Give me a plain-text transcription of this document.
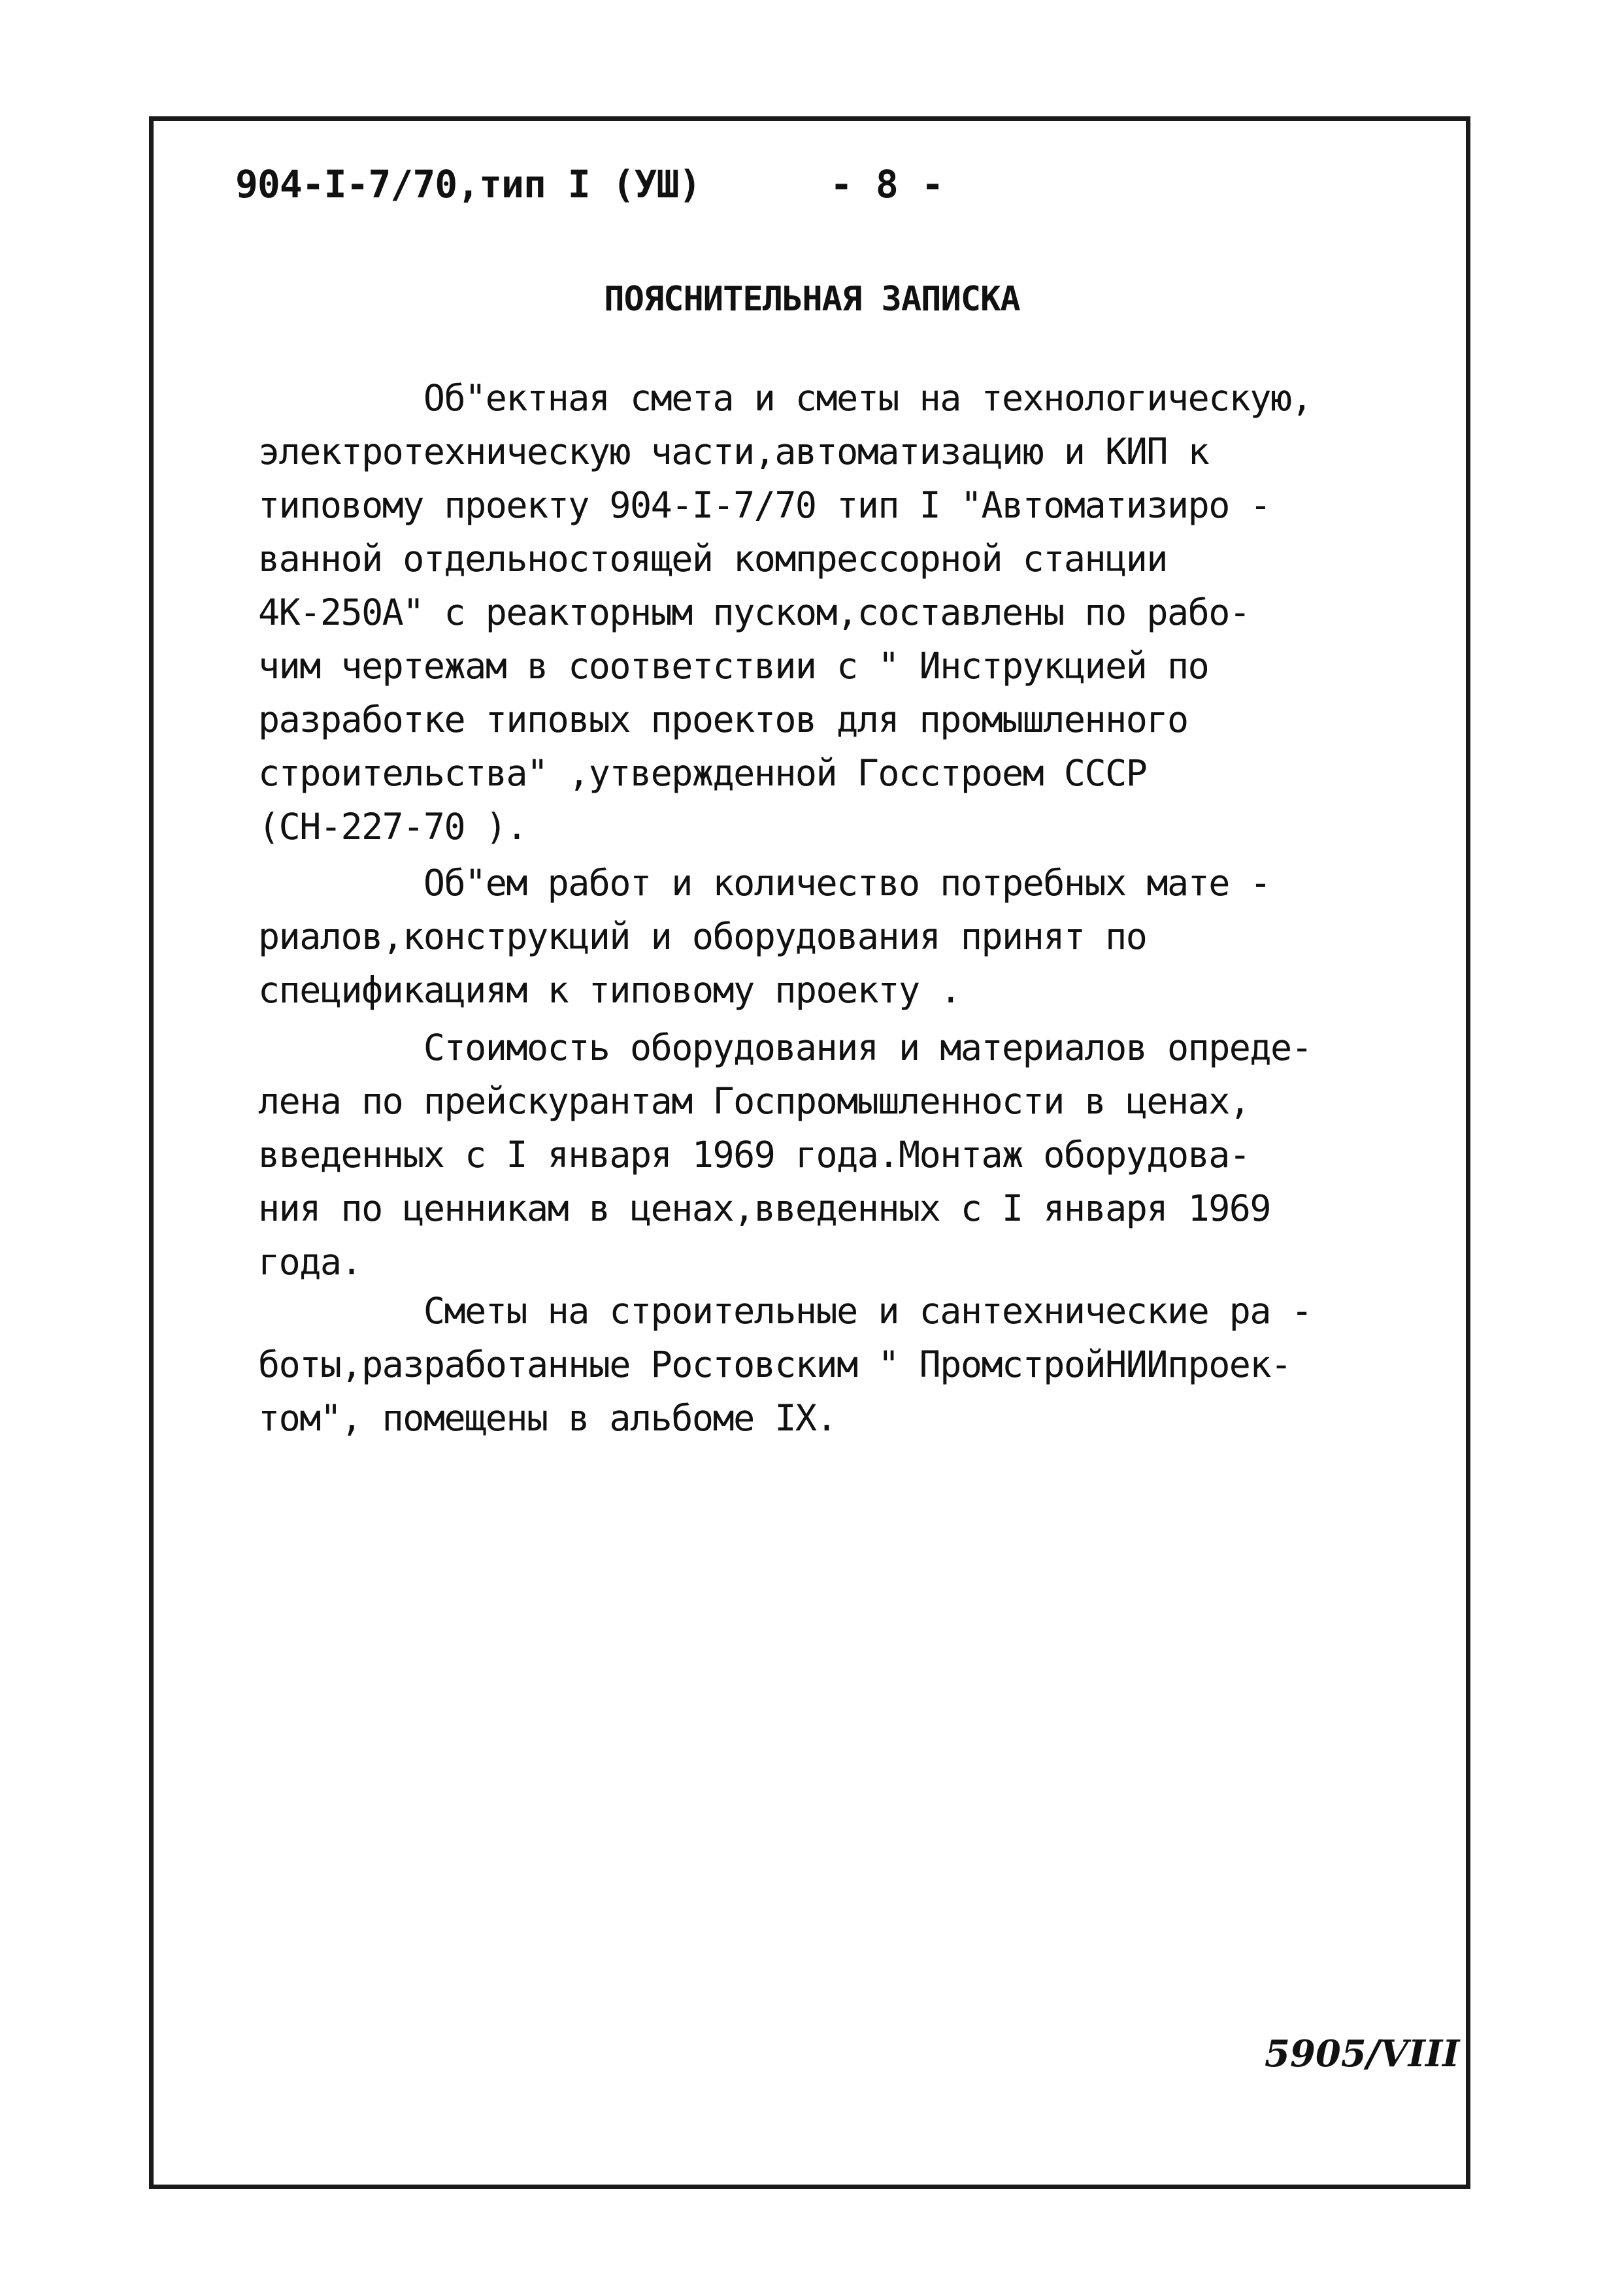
904-I-7/70,тип I (УШ)	- 8 -
ПОЯСНИТЕЛЬНАЯ ЗАПИСКА
Об"ектная смета и сметы на технологическую,
электротехническую части,автоматизацию и КИП к
типовому проекту 904-I-7/70 тип I "Автоматизиро -
ванной отдельностоящей компрессорной станции
4К-250А" с реакторным пуском,составлены по рабо-
чим чертежам в соответствии с " Инструкцией по
разработке типовых проектов для промышленного
строительства" ,утвержденной Госстроем СССР
(СН-227-70 ).
Об"ем работ и количество потребных мате -
риалов,конструкций и оборудования принят по
спецификациям к типовому проекту .
Стоимость оборудования и материалов опреде-
лена по прейскурантам Госпромышленности в ценах,
введенных с I января 1969 года.Монтаж оборудова-
ния по ценникам в ценах,введенных с I января 1969
года.
Сметы на строительные и сантехнические ра -
боты,разработанные Ростовским " ПромстройНИИпроек-
том", помещены в альбоме IX.
5905/VIII
